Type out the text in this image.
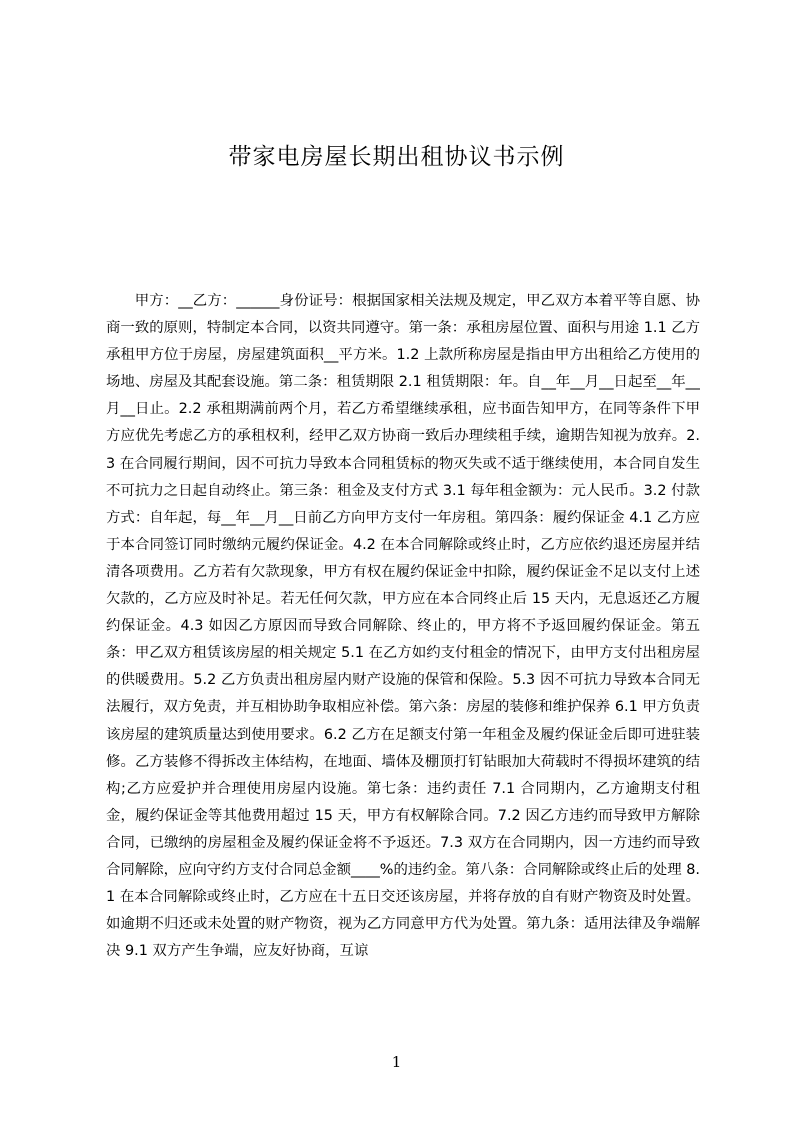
带家电房屋长期出租协议书示例

甲方：__乙方：______身份证号：根据国家相关法规及规定，甲乙双方本着平等自愿、协商一致的原则，特制定本合同，以资共同遵守。第一条：承租房屋位置、面积与用途 1.1 乙方承租甲方位于房屋，房屋建筑面积__平方米。1.2 上款所称房屋是指由甲方出租给乙方使用的场地、房屋及其配套设施。第二条：租赁期限 2.1 租赁期限：年。自__年__月__日起至__年__月__日止。2.2 承租期满前两个月，若乙方希望继续承租，应书面告知甲方，在同等条件下甲方应优先考虑乙方的承租权利，经甲乙双方协商一致后办理续租手续，逾期告知视为放弃。2.3 在合同履行期间，因不可抗力导致本合同租赁标的物灭失或不适于继续使用，本合同自发生不可抗力之日起自动终止。第三条：租金及支付方式 3.1 每年租金额为：元人民币。3.2 付款方式：自年起，每__年__月__日前乙方向甲方支付一年房租。第四条：履约保证金 4.1 乙方应于本合同签订同时缴纳元履约保证金。4.2 在本合同解除或终止时，乙方应依约退还房屋并结清各项费用。乙方若有欠款现象，甲方有权在履约保证金中扣除，履约保证金不足以支付上述欠款的，乙方应及时补足。若无任何欠款，甲方应在本合同终止后 15 天内，无息返还乙方履约保证金。4.3 如因乙方原因而导致合同解除、终止的，甲方将不予返回履约保证金。第五条：甲乙双方租赁该房屋的相关规定 5.1 在乙方如约支付租金的情况下，由甲方支付出租房屋的供暖费用。5.2 乙方负责出租房屋内财产设施的保管和保险。5.3 因不可抗力导致本合同无法履行，双方免责，并互相协助争取相应补偿。第六条：房屋的装修和维护保养 6.1 甲方负责该房屋的建筑质量达到使用要求。6.2 乙方在足额支付第一年租金及履约保证金后即可进驻装修。乙方装修不得拆改主体结构，在地面、墙体及棚顶打钉钻眼加大荷载时不得损坏建筑的结构;乙方应爱护并合理使用房屋内设施。第七条：违约责任 7.1 合同期内，乙方逾期支付租金，履约保证金等其他费用超过 15 天，甲方有权解除合同。7.2 因乙方违约而导致甲方解除合同，已缴纳的房屋租金及履约保证金将不予返还。7.3 双方在合同期内，因一方违约而导致合同解除，应向守约方支付合同总金额____%的违约金。第八条：合同解除或终止后的处理 8.1 在本合同解除或终止时，乙方应在十五日交还该房屋，并将存放的自有财产物资及时处置。如逾期不归还或未处置的财产物资，视为乙方同意甲方代为处置。第九条：适用法律及争端解决 9.1 双方产生争端，应友好协商，互谅

1
